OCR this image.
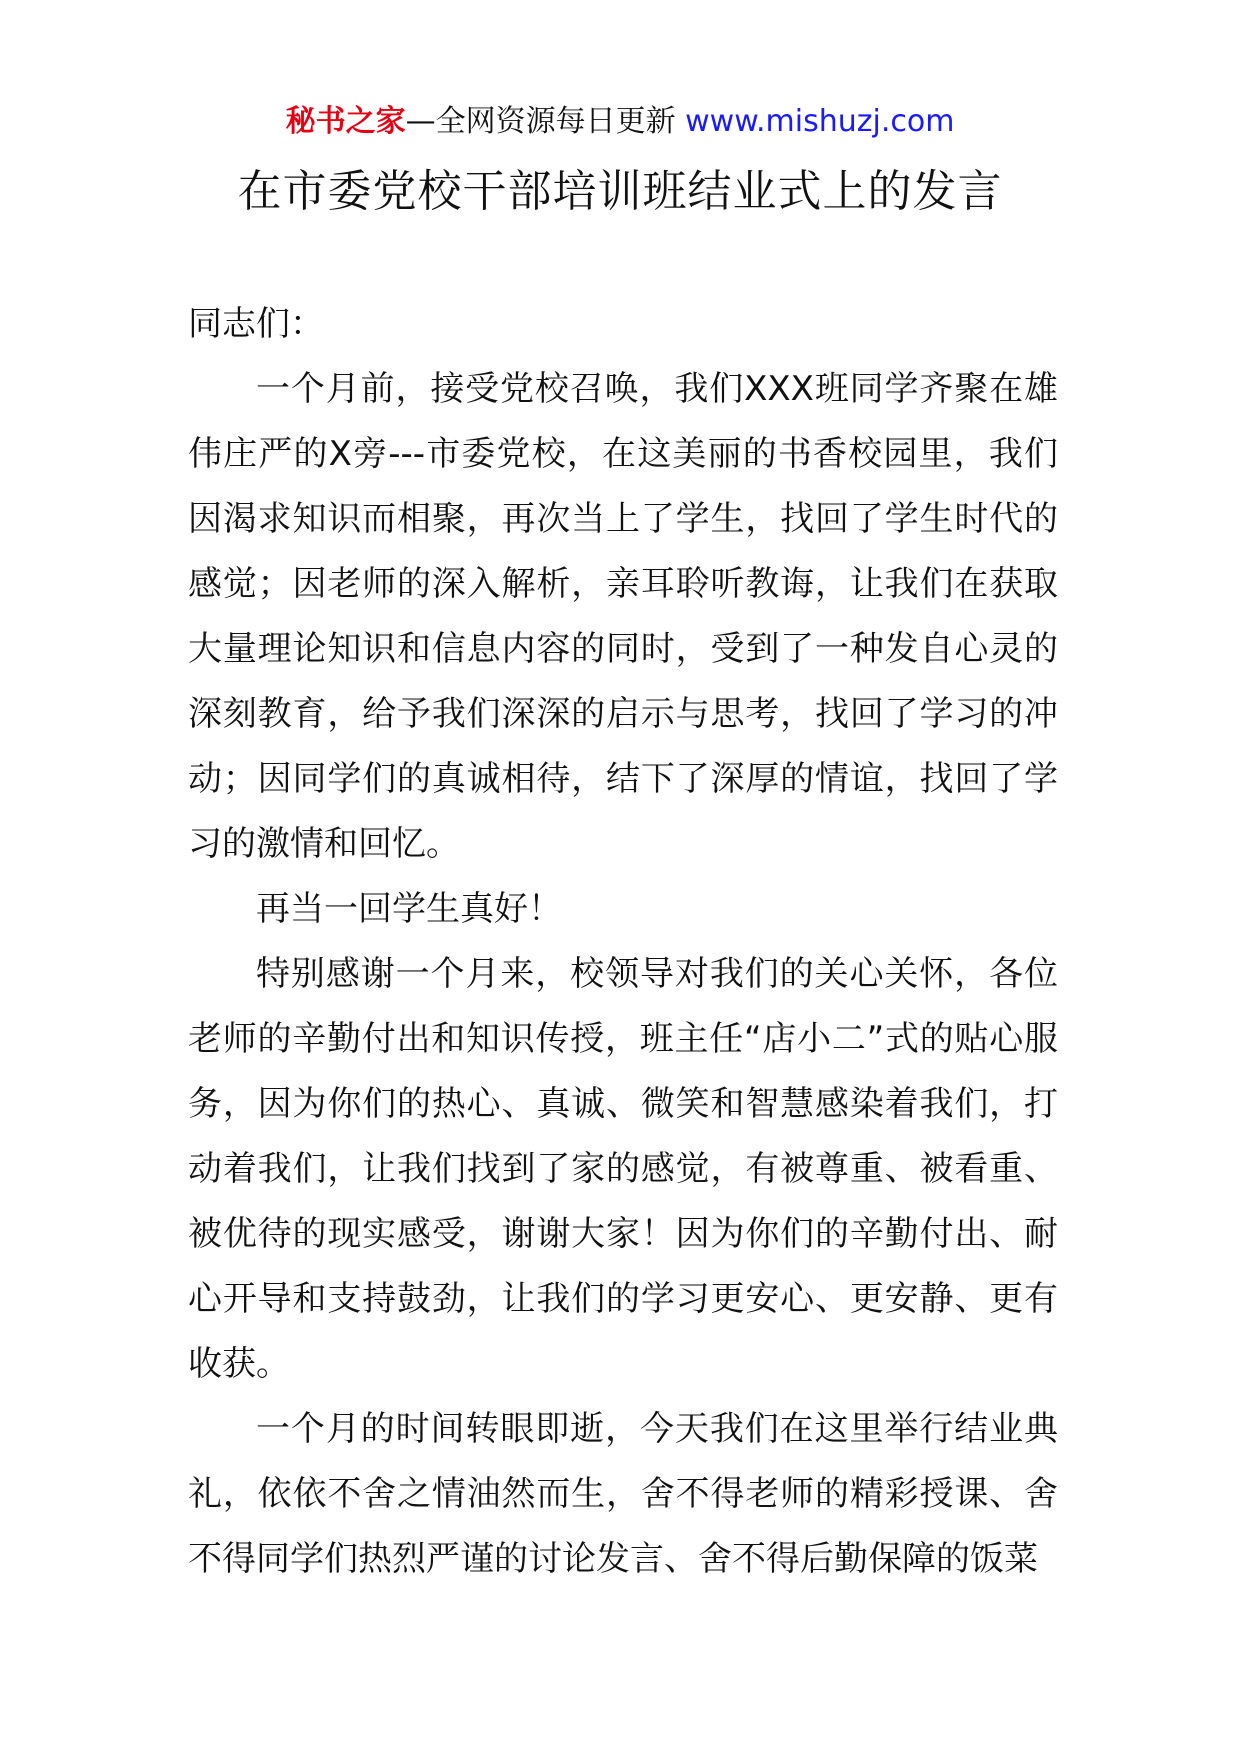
秘书之家—全网资源每日更新 www.mishuzj.com
在市委党校干部培训班结业式上的发言

同志们：

一个月前，接受党校召唤，我们XXX班同学齐聚在雄伟庄严的X旁---市委党校，在这美丽的书香校园里，我们因渴求知识而相聚，再次当上了学生，找回了学生时代的感觉；因老师的深入解析，亲耳聆听教诲，让我们在获取大量理论知识和信息内容的同时，受到了一种发自心灵的深刻教育，给予我们深深的启示与思考，找回了学习的冲动；因同学们的真诚相待，结下了深厚的情谊，找回了学习的激情和回忆。

再当一回学生真好！

特别感谢一个月来，校领导对我们的关心关怀，各位老师的辛勤付出和知识传授，班主任“店小二”式的贴心服务，因为你们的热心、真诚、微笑和智慧感染着我们，打动着我们，让我们找到了家的感觉，有被尊重、被看重、被优待的现实感受，谢谢大家！因为你们的辛勤付出、耐心开导和支持鼓劲，让我们的学习更安心、更安静、更有收获。

一个月的时间转眼即逝，今天我们在这里举行结业典礼，依依不舍之情油然而生，舍不得老师的精彩授课、舍不得同学们热烈严谨的讨论发言、舍不得后勤保障的饭菜
